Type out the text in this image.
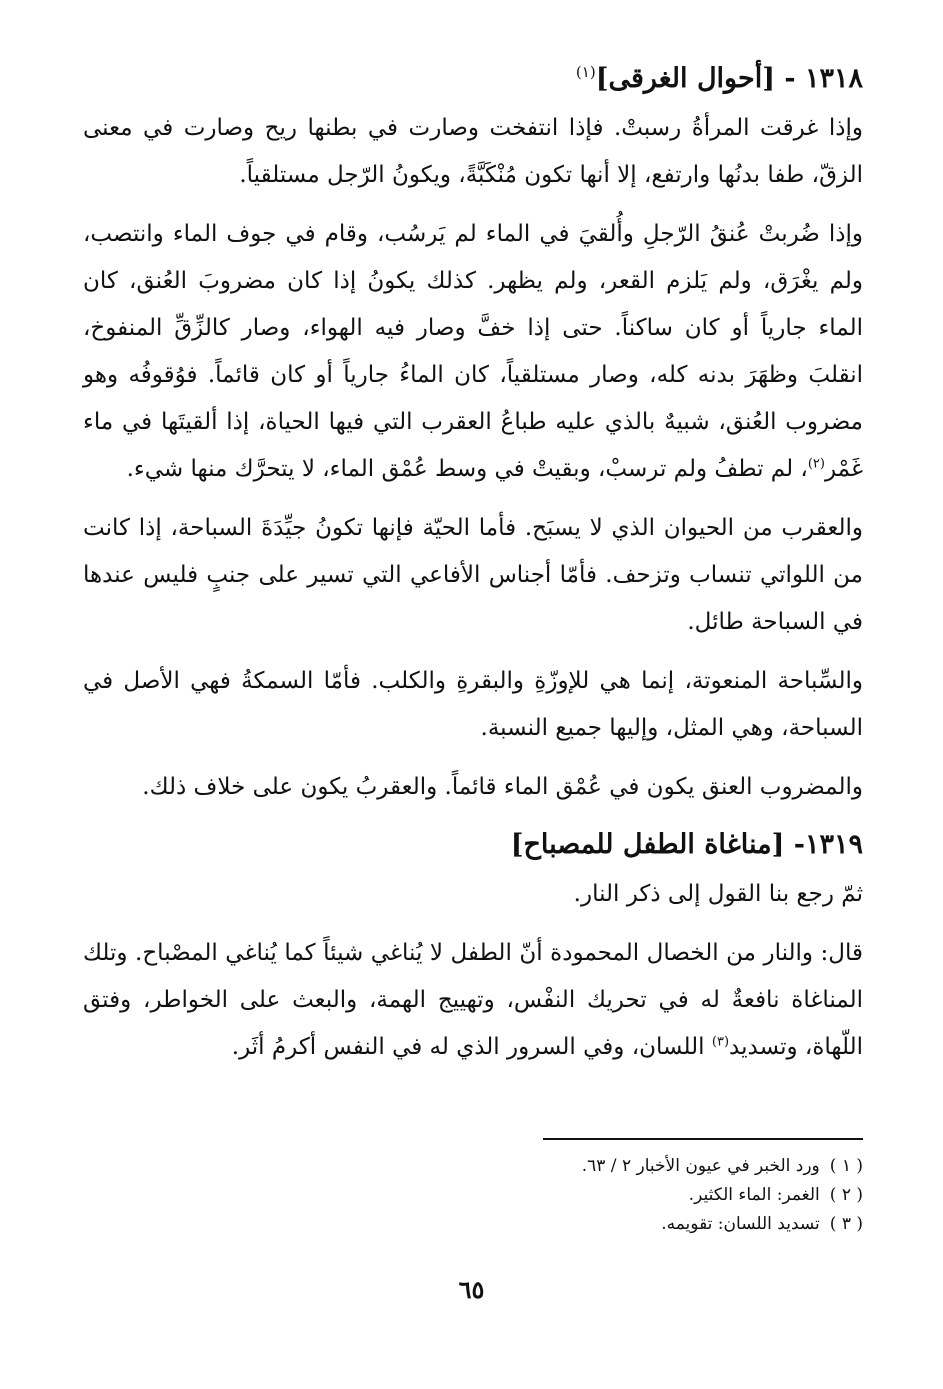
١٣١٨ - [أحوال الغرقى]$^{(١)}$

وإذا غرقت المرأةُ رسبتْ. فإذا انتفخت وصارت في بطنها ريح وصارت في معنى الزقّ، طفا بدنُها وارتفع، إلا أنها تكون مُنْكَبَّةً، ويكونُ الرّجل مستلقياً.

وإذا ضُربتْ عُنقُ الرّجلِ وأُلقيَ في الماء لم يَرسُب، وقام في جوف الماء وانتصب، ولم يغْرَق، ولم يَلزم القعر، ولم يظهر. كذلك يكونُ إذا كان مضروبَ العُنق، كان الماء جارياً أو كان ساكناً. حتى إذا خفَّ وصار فيه الهواء، وصار كالزِّقِّ المنفوخ، انقلبَ وظهَرَ بدنه كله، وصار مستلقياً، كان الماءُ جارياً أو كان قائماً. فوُقوفُه وهو مضروب العُنق، شبيهٌ بالذي عليه طباعُ العقرب التي فيها الحياة، إذا ألقيتَها في ماء غَمْر$^{(٢)}$، لم تطفُ ولم ترسبْ، وبقيتْ في وسط عُمْق الماء، لا يتحرَّك منها شيء.

والعقرب من الحيوان الذي لا يسبَح. فأما الحيّة فإنها تكونُ جيِّدَةَ السباحة، إذا كانت من اللواتي تنساب وتزحف. فأمّا أجناس الأفاعي التي تسير على جنبٍ فليس عندها في السباحة طائل.

والسِّباحة المنعوتة، إنما هي للإوزّةِ والبقرةِ والكلب. فأمّا السمكةُ فهي الأصل في السباحة، وهي المثل، وإليها جميع النسبة.

والمضروب العنق يكون في عُمْق الماء قائماً. والعقربُ يكون على خلاف ذلك.

١٣١٩- [مناغاة الطفل للمصباح]

ثمّ رجع بنا القول إلى ذكر النار.

قال: والنار من الخصال المحمودة أنّ الطفل لا يُناغي شيئاً كما يُناغي المصْباح. وتلك المناغاة نافعةٌ له في تحريك النفْس، وتهييج الهمة، والبعث على الخواطر، وفتق اللّهاة، وتسديد$^{(٣)}$ اللسان، وفي السرور الذي له في النفس أكرمُ أثَر.

( ١ )ورد الخبر في عيون الأخبار ٢ / ٦٣.
( ٢ )الغمر: الماء الكثير.
( ٣ )تسديد اللسان: تقويمه.
٦٥
